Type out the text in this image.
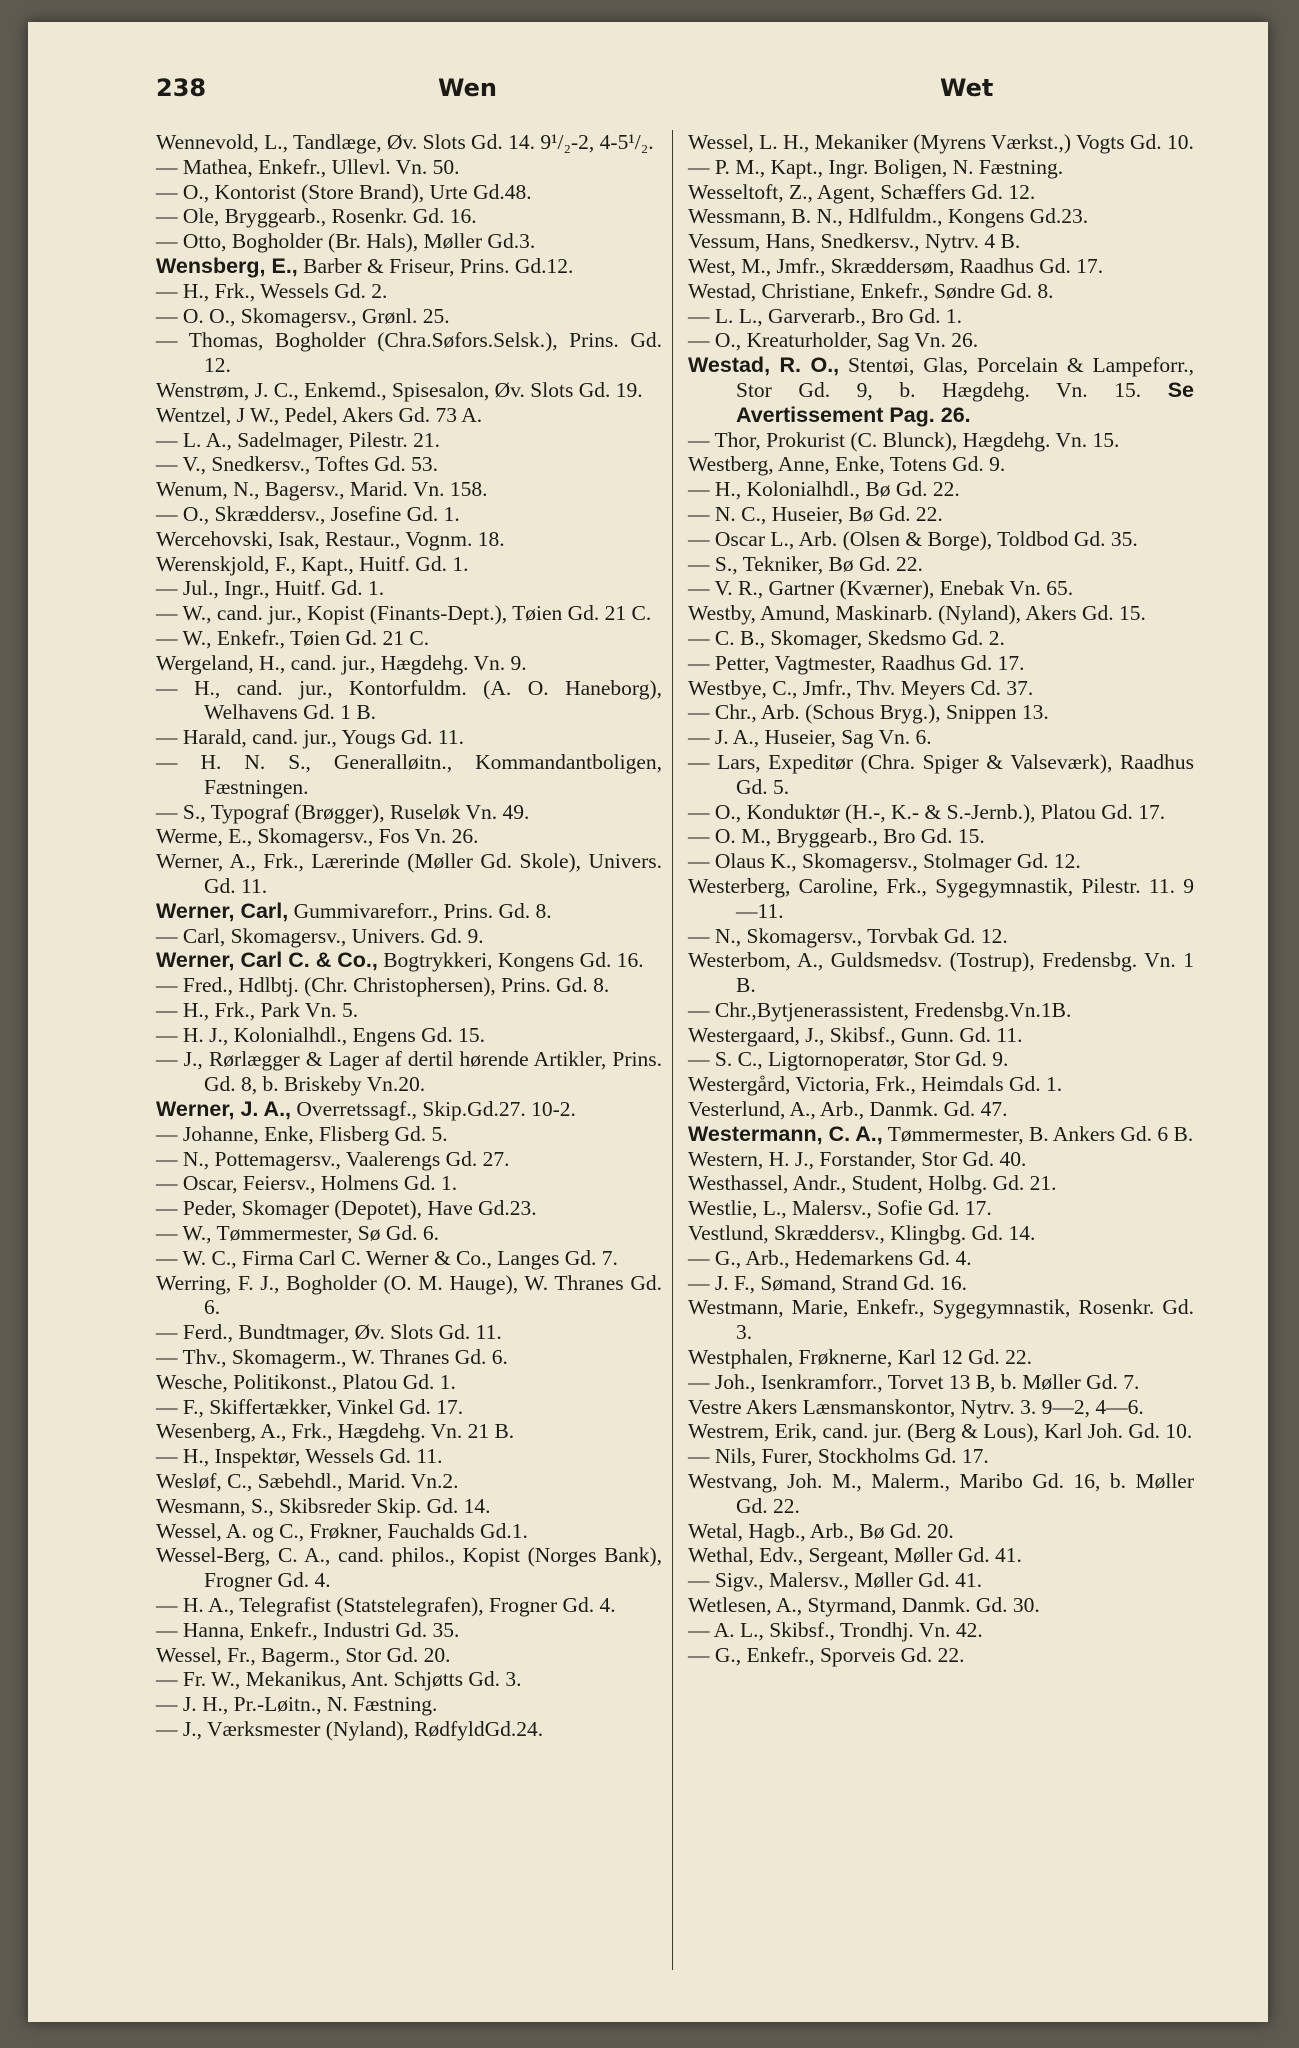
238	Wen	Wet
Wennevold, L., Tandlæge, Øv. Slots Gd. 14. 9¹/₂-2, 4-5¹/₂.
— Mathea, Enkefr., Ullevl. Vn. 50.
— O., Kontorist (Store Brand), Urte Gd.48.
— Ole, Bryggearb., Rosenkr. Gd. 16.
— Otto, Bogholder (Br. Hals), Møller Gd.3.
Wensberg, E., Barber & Friseur, Prins. Gd.12.
— H., Frk., Wessels Gd. 2.
— O. O., Skomagersv., Grønl. 25.
— Thomas, Bogholder (Chra.Søfors.Selsk.), Prins. Gd. 12.
Wenstrøm, J. C., Enkemd., Spisesalon, Øv. Slots Gd. 19.
Wentzel, J W., Pedel, Akers Gd. 73 A.
— L. A., Sadelmager, Pilestr. 21.
— V., Snedkersv., Toftes Gd. 53.
Wenum, N., Bagersv., Marid. Vn. 158.
— O., Skræddersv., Josefine Gd. 1.
Wercehovski, Isak, Restaur., Vognm. 18.
Werenskjold, F., Kapt., Huitf. Gd. 1.
— Jul., Ingr., Huitf. Gd. 1.
— W., cand. jur., Kopist (Finants-Dept.), Tøien Gd. 21 C.
— W., Enkefr., Tøien Gd. 21 C.
Wergeland, H., cand. jur., Hægdehg. Vn. 9.
— H., cand. jur., Kontorfuldm. (A. O. Haneborg), Welhavens Gd. 1 B.
— Harald, cand. jur., Yougs Gd. 11.
— H. N. S., Generalløitn., Kommandantboligen, Fæstningen.
— S., Typograf (Brøgger), Ruseløk Vn. 49.
Werme, E., Skomagersv., Fos Vn. 26.
Werner, A., Frk., Lærerinde (Møller Gd. Skole), Univers. Gd. 11.
Werner, Carl, Gummivareforr., Prins. Gd. 8.
— Carl, Skomagersv., Univers. Gd. 9.
Werner, Carl C. & Co., Bogtrykkeri, Kongens Gd. 16.
— Fred., Hdlbtj. (Chr. Christophersen), Prins. Gd. 8.
— H., Frk., Park Vn. 5.
— H. J., Kolonialhdl., Engens Gd. 15.
— J., Rørlægger & Lager af dertil hørende Artikler, Prins. Gd. 8, b. Briskeby Vn.20.
Werner, J. A., Overretssagf., Skip.Gd.27. 10-2.
— Johanne, Enke, Flisberg Gd. 5.
— N., Pottemagersv., Vaalerengs Gd. 27.
— Oscar, Feiersv., Holmens Gd. 1.
— Peder, Skomager (Depotet), Have Gd.23.
— W., Tømmermester, Sø Gd. 6.
— W. C., Firma Carl C. Werner & Co., Langes Gd. 7.
Werring, F. J., Bogholder (O. M. Hauge), W. Thranes Gd. 6.
— Ferd., Bundtmager, Øv. Slots Gd. 11.
— Thv., Skomagerm., W. Thranes Gd. 6.
Wesche, Politikonst., Platou Gd. 1.
— F., Skiffertækker, Vinkel Gd. 17.
Wesenberg, A., Frk., Hægdehg. Vn. 21 B.
— H., Inspektør, Wessels Gd. 11.
Wesløf, C., Sæbehdl., Marid. Vn.2.
Wesmann, S., Skibsreder Skip. Gd. 14.
Wessel, A. og C., Frøkner, Fauchalds Gd.1.
Wessel-Berg, C. A., cand. philos., Kopist (Norges Bank), Frogner Gd. 4.
— H. A., Telegrafist (Statstelegrafen), Frogner Gd. 4.
— Hanna, Enkefr., Industri Gd. 35.
Wessel, Fr., Bagerm., Stor Gd. 20.
— Fr. W., Mekanikus, Ant. Schjøtts Gd. 3.
— J. H., Pr.-Løitn., N. Fæstning.
— J., Værksmester (Nyland), RødfyldGd.24.
Wessel, L. H., Mekaniker (Myrens Værkst.,) Vogts Gd. 10.
— P. M., Kapt., Ingr. Boligen, N. Fæstning.
Wesseltoft, Z., Agent, Schæffers Gd. 12.
Wessmann, B. N., Hdlfuldm., Kongens Gd.23.
Vessum, Hans, Snedkersv., Nytrv. 4 B.
West, M., Jmfr., Skræddersøm, Raadhus Gd. 17.
Westad, Christiane, Enkefr., Søndre Gd. 8.
— L. L., Garverarb., Bro Gd. 1.
— O., Kreaturholder, Sag Vn. 26.
Westad, R. O., Stentøi, Glas, Porcelain & Lampeforr., Stor Gd. 9, b. Hægdehg. Vn. 15. Se Avertissement Pag. 26.
— Thor, Prokurist (C. Blunck), Hægdehg. Vn. 15.
Westberg, Anne, Enke, Totens Gd. 9.
— H., Kolonialhdl., Bø Gd. 22.
— N. C., Huseier, Bø Gd. 22.
— Oscar L., Arb. (Olsen & Borge), Toldbod Gd. 35.
— S., Tekniker, Bø Gd. 22.
— V. R., Gartner (Kværner), Enebak Vn. 65.
Westby, Amund, Maskinarb. (Nyland), Akers Gd. 15.
— C. B., Skomager, Skedsmo Gd. 2.
— Petter, Vagtmester, Raadhus Gd. 17.
Westbye, C., Jmfr., Thv. Meyers Cd. 37.
— Chr., Arb. (Schous Bryg.), Snippen 13.
— J. A., Huseier, Sag Vn. 6.
— Lars, Expeditør (Chra. Spiger & Valseværk), Raadhus Gd. 5.
— O., Konduktør (H.-, K.- & S.-Jernb.), Platou Gd. 17.
— O. M., Bryggearb., Bro Gd. 15.
— Olaus K., Skomagersv., Stolmager Gd. 12.
Westerberg, Caroline, Frk., Sygegymnastik, Pilestr. 11. 9—11.
— N., Skomagersv., Torvbak Gd. 12.
Westerbom, A., Guldsmedsv. (Tostrup), Fredensbg. Vn. 1 B.
— Chr.,Bytjenerassistent, Fredensbg.Vn.1B.
Westergaard, J., Skibsf., Gunn. Gd. 11.
— S. C., Ligtornoperatør, Stor Gd. 9.
Westergård, Victoria, Frk., Heimdals Gd. 1.
Vesterlund, A., Arb., Danmk. Gd. 47.
Westermann, C. A., Tømmermester, B. Ankers Gd. 6 B.
Western, H. J., Forstander, Stor Gd. 40.
Westhassel, Andr., Student, Holbg. Gd. 21.
Westlie, L., Malersv., Sofie Gd. 17.
Vestlund, Skræddersv., Klingbg. Gd. 14.
— G., Arb., Hedemarkens Gd. 4.
— J. F., Sømand, Strand Gd. 16.
Westmann, Marie, Enkefr., Sygegymnastik, Rosenkr. Gd. 3.
Westphalen, Frøknerne, Karl 12 Gd. 22.
— Joh., Isenkramforr., Torvet 13 B, b. Møller Gd. 7.
Vestre Akers Lænsmanskontor, Nytrv. 3. 9—2, 4—6.
Westrem, Erik, cand. jur. (Berg & Lous), Karl Joh. Gd. 10.
— Nils, Furer, Stockholms Gd. 17.
Westvang, Joh. M., Malerm., Maribo Gd. 16, b. Møller Gd. 22.
Wetal, Hagb., Arb., Bø Gd. 20.
Wethal, Edv., Sergeant, Møller Gd. 41.
— Sigv., Malersv., Møller Gd. 41.
Wetlesen, A., Styrmand, Danmk. Gd. 30.
— A. L., Skibsf., Trondhj. Vn. 42.
— G., Enkefr., Sporveis Gd. 22.
